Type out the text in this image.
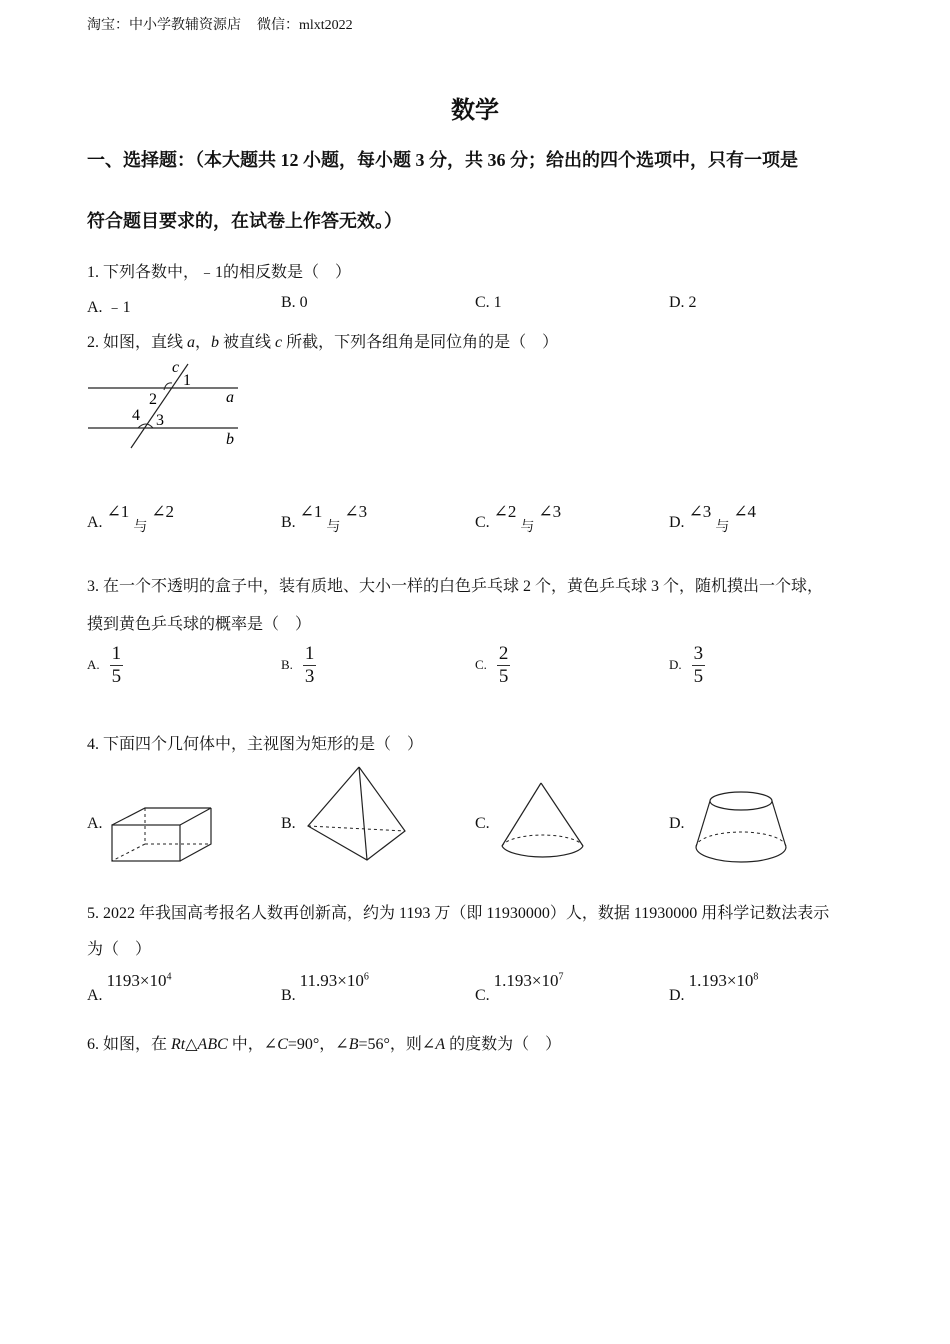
淘宝：中小学教辅资源店 微信：mlxt2022
数学
一、选择题：（本大题共 12 小题，每小题 3 分，共 36 分；给出的四个选项中，只有一项是
符合题目要求的，在试卷上作答无效。）
1. 下列各数中，﹣1的相反数是（　）
A. ﹣1	B. 0	C. 1	D. 2
2. 如图，直线 a，b 被直线 c 所截，下列各组角是同位角的是（　）
c
1
a
2
4 3
b
A. ∠1 与 ∠2
B. ∠1 与 ∠3
C. ∠2 与 ∠3
D. ∠3 与 ∠4
3. 在一个不透明的盒子中，装有质地、大小一样的白色乒乓球 2 个，黄色乒乓球 3 个，随机摸出一个球，
摸到黄色乒乓球的概率是（　）
A. $\frac{1}{5}$	B. $\frac{1}{3}$	C. $\frac{2}{5}$	D. $\frac{3}{5}$
4. 下面四个几何体中，主视图为矩形的是（　）
A.	B.	C.	D.
5. 2022 年我国高考报名人数再创新高，约为 1193 万（即 11930000）人，数据 11930000 用科学记数法表示
为（　）
A. $1193\times 10^4$
B. $11.93\times 10^6$
C. $1.193\times 10^7$
D. $1.193\times 10^8$
6. 如图，在 Rt△ABC 中，∠C=90°，∠B=56°，则∠A 的度数为（　）
